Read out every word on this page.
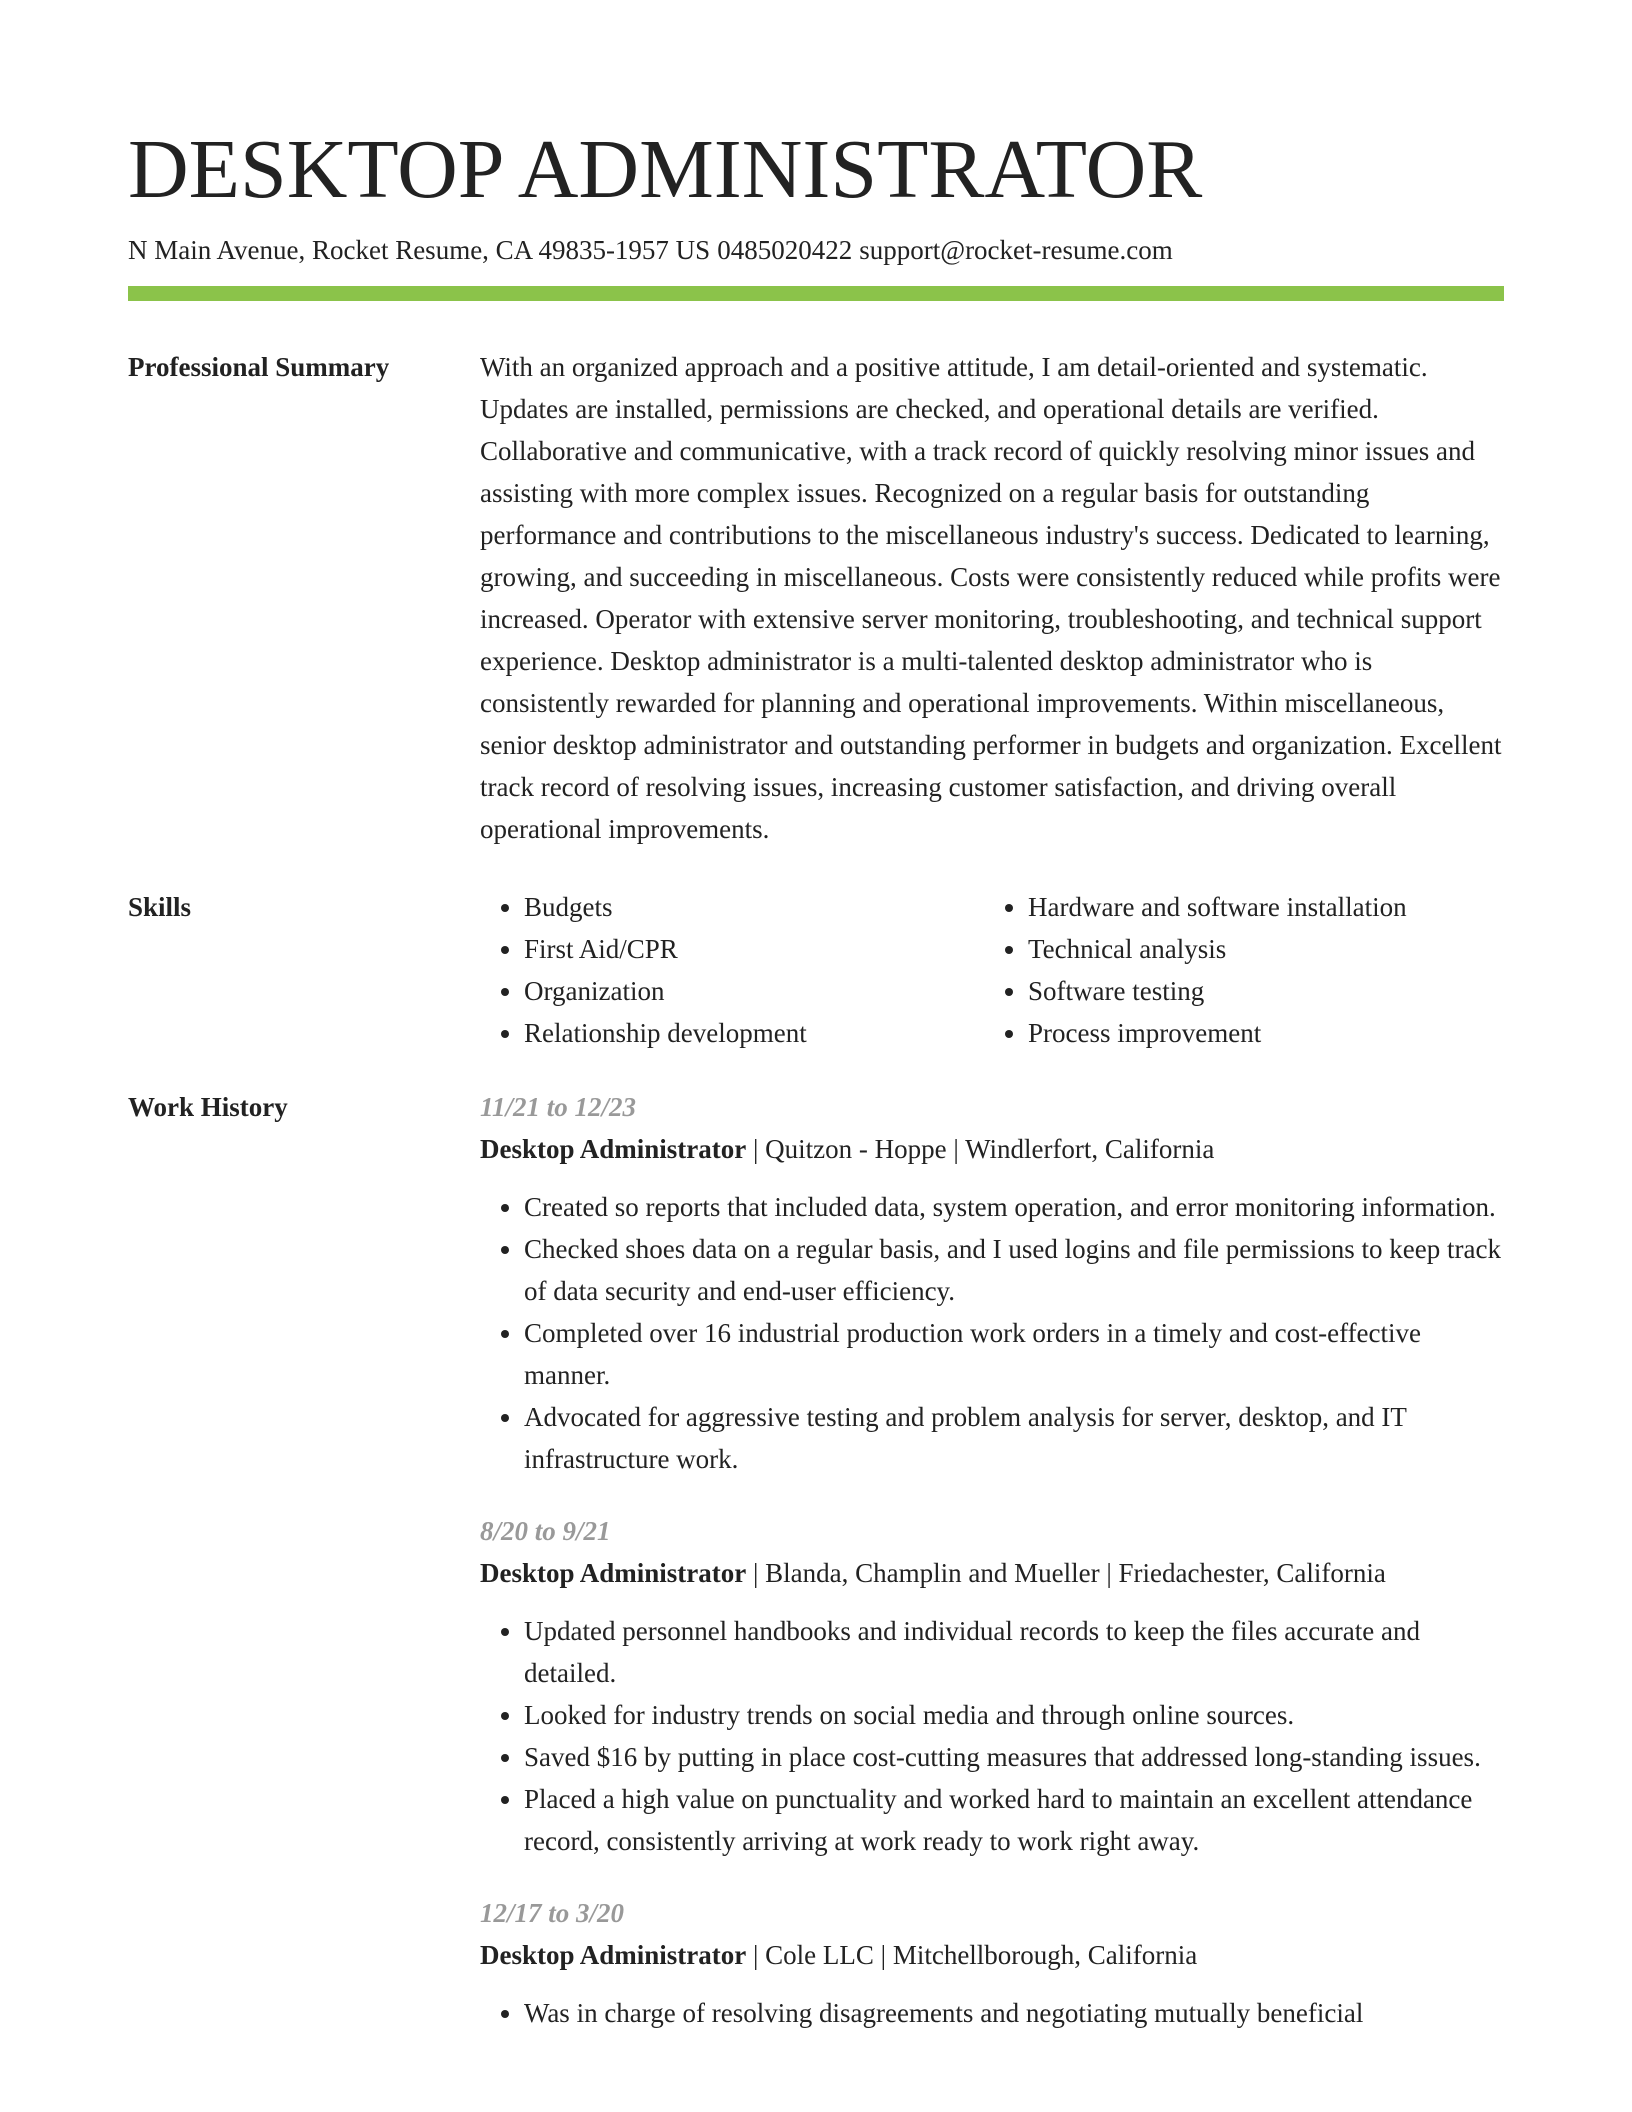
DESKTOP ADMINISTRATOR
N Main Avenue, Rocket Resume, CA 49835-1957 US 0485020422 support@rocket-resume.com
Professional Summary	With an organized approach and a positive attitude, I am detail-oriented and systematic. Updates are installed, permissions are checked, and operational details are verified. Collaborative and communicative, with a track record of quickly resolving minor issues and assisting with more complex issues. Recognized on a regular basis for outstanding performance and contributions to the miscellaneous industry's success. Dedicated to learning, growing, and succeeding in miscellaneous. Costs were consistently reduced while profits were increased. Operator with extensive server monitoring, troubleshooting, and technical support experience. Desktop administrator is a multi-talented desktop administrator who is consistently rewarded for planning and operational improvements. Within miscellaneous, senior desktop administrator and outstanding performer in budgets and organization. Excellent track record of resolving issues, increasing customer satisfaction, and driving overall operational improvements.

Skills
•	Budgets
• First Aid/CPR
• Organization
• Relationship development
• Hardware and software installation
• Technical analysis
• Software testing
• Process improvement
Work History	11/21 to 12/23
Desktop Administrator | Quitzon - Hoppe | Windlerfort, California
• Created so reports that included data, system operation, and error monitoring information.
• Checked shoes data on a regular basis, and I used logins and file permissions to keep track of data security and end-user efficiency.
• Completed over 16 industrial production work orders in a timely and cost-effective manner.
• Advocated for aggressive testing and problem analysis for server, desktop, and IT infrastructure work.
8/20 to 9/21
Desktop Administrator | Blanda, Champlin and Mueller | Friedachester, California
• Updated personnel handbooks and individual records to keep the files accurate and detailed.
• Looked for industry trends on social media and through online sources.
• Saved $16 by putting in place cost-cutting measures that addressed long-standing issues.
• Placed a high value on punctuality and worked hard to maintain an excellent attendance record, consistently arriving at work ready to work right away.
12/17 to 3/20
Desktop Administrator | Cole LLC | Mitchellborough, California
• Was in charge of resolving disagreements and negotiating mutually beneficial
